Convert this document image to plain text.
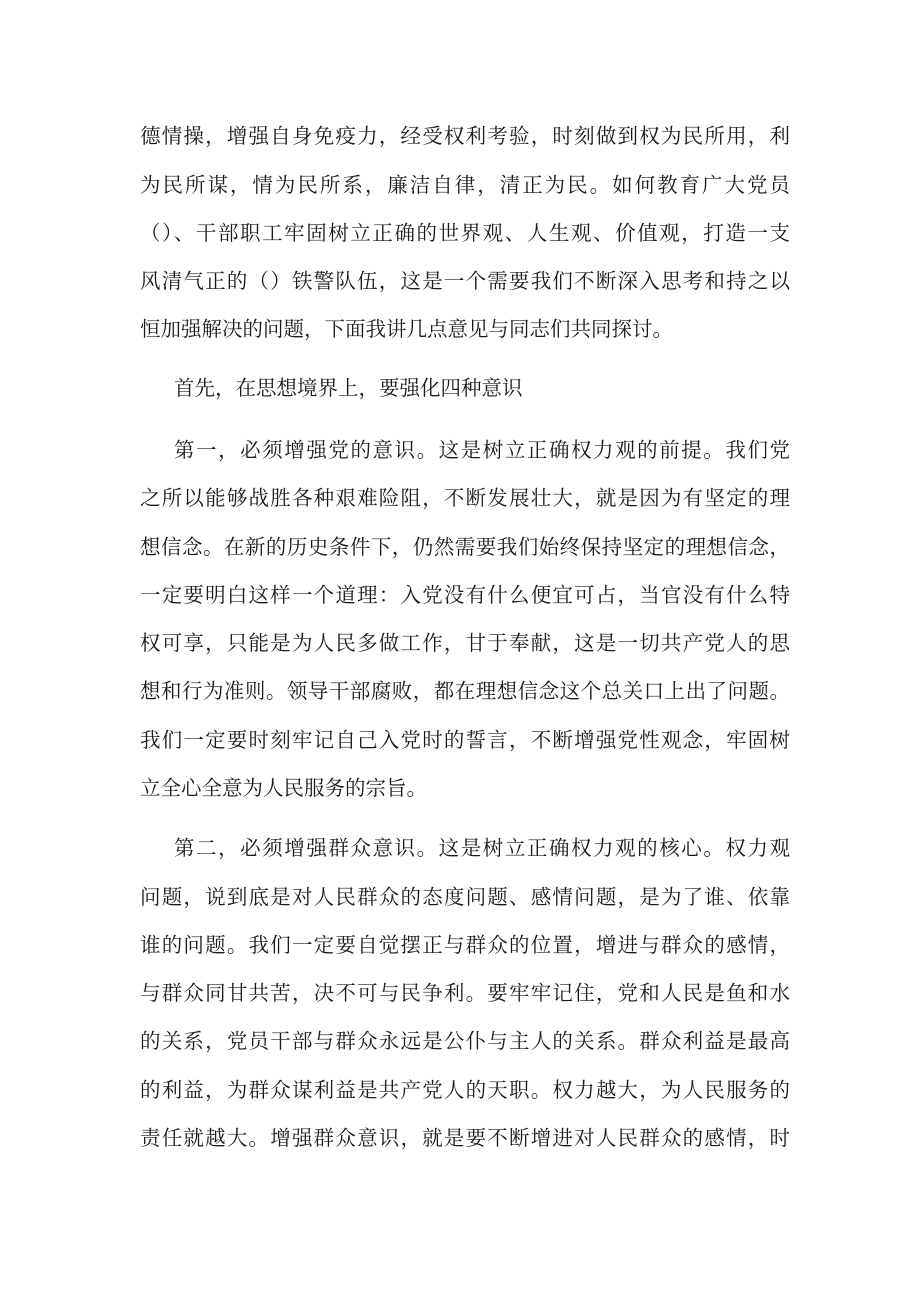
德情操，增强自身免疫力，经受权利考验，时刻做到权为民所用，利

为民所谋，情为民所系，廉洁自律，清正为民。如何教育广大党员

（）、干部职工牢固树立正确的世界观、人生观、价值观，打造一支

风清气正的（）铁警队伍，这是一个需要我们不断深入思考和持之以

恒加强解决的问题，下面我讲几点意见与同志们共同探讨。

首先，在思想境界上，要强化四种意识

第一，必须增强党的意识。这是树立正确权力观的前提。我们党

之所以能够战胜各种艰难险阻，不断发展壮大，就是因为有坚定的理

想信念。在新的历史条件下，仍然需要我们始终保持坚定的理想信念，

一定要明白这样一个道理：入党没有什么便宜可占，当官没有什么特

权可享，只能是为人民多做工作，甘于奉献，这是一切共产党人的思

想和行为准则。领导干部腐败，都在理想信念这个总关口上出了问题。

我们一定要时刻牢记自己入党时的誓言，不断增强党性观念，牢固树

立全心全意为人民服务的宗旨。

第二，必须增强群众意识。这是树立正确权力观的核心。权力观

问题，说到底是对人民群众的态度问题、感情问题，是为了谁、依靠

谁的问题。我们一定要自觉摆正与群众的位置，增进与群众的感情，

与群众同甘共苦，决不可与民争利。要牢牢记住，党和人民是鱼和水

的关系，党员干部与群众永远是公仆与主人的关系。群众利益是最高

的利益，为群众谋利益是共产党人的天职。权力越大，为人民服务的

责任就越大。增强群众意识，就是要不断增进对人民群众的感情，时
